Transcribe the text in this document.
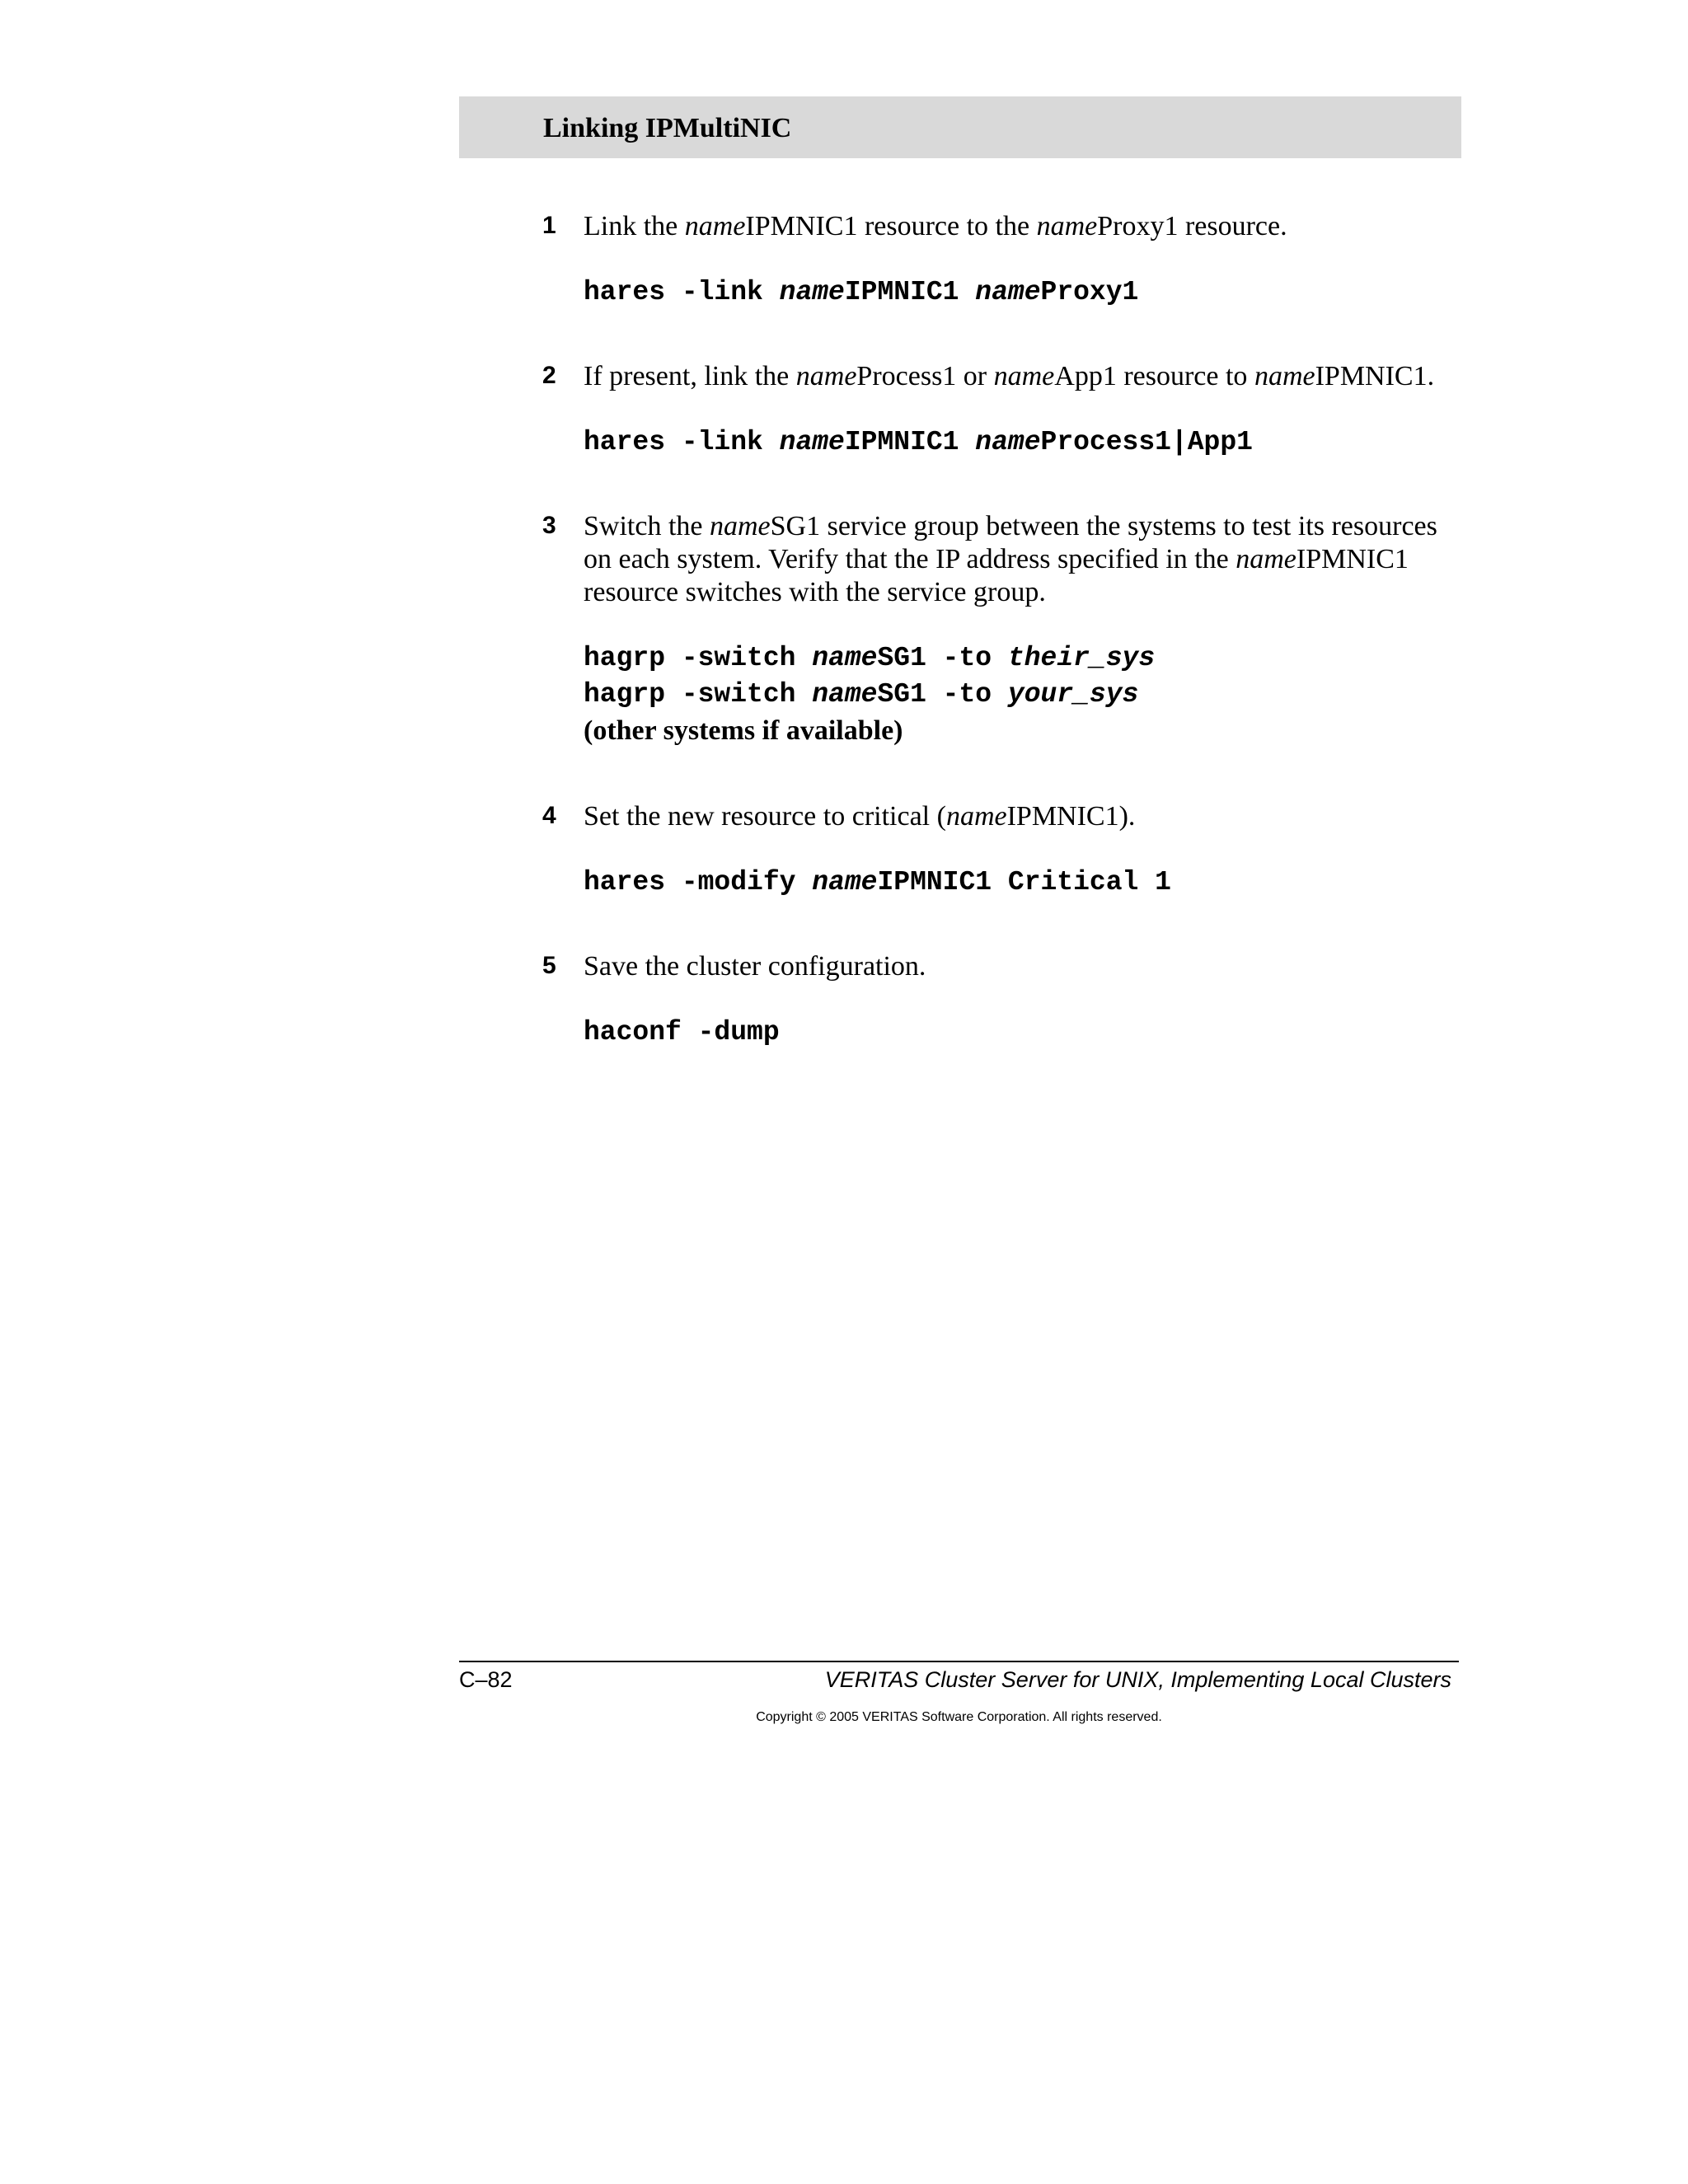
Linking IPMultiNIC
1 Link the nameIPMNIC1 resource to the nameProxy1 resource.

hares -link nameIPMNIC1 nameProxy1

2 If present, link the nameProcess1 or nameApp1 resource to nameIPMNIC1.

hares -link nameIPMNIC1 nameProcess1|App1

3 Switch the nameSG1 service group between the systems to test its resources on each system. Verify that the IP address specified in the nameIPMNIC1 resource switches with the service group.

hagrp -switch nameSG1 -to their_sys

hagrp -switch nameSG1 -to your_sys

(other systems if available)

4 Set the new resource to critical (nameIPMNIC1).

hares -modify nameIPMNIC1 Critical 1

5 Save the cluster configuration.

haconf -dump

C–82	VERITAS Cluster Server for UNIX, Implementing Local Clusters
Copyright © 2005 VERITAS Software Corporation. All rights reserved.
